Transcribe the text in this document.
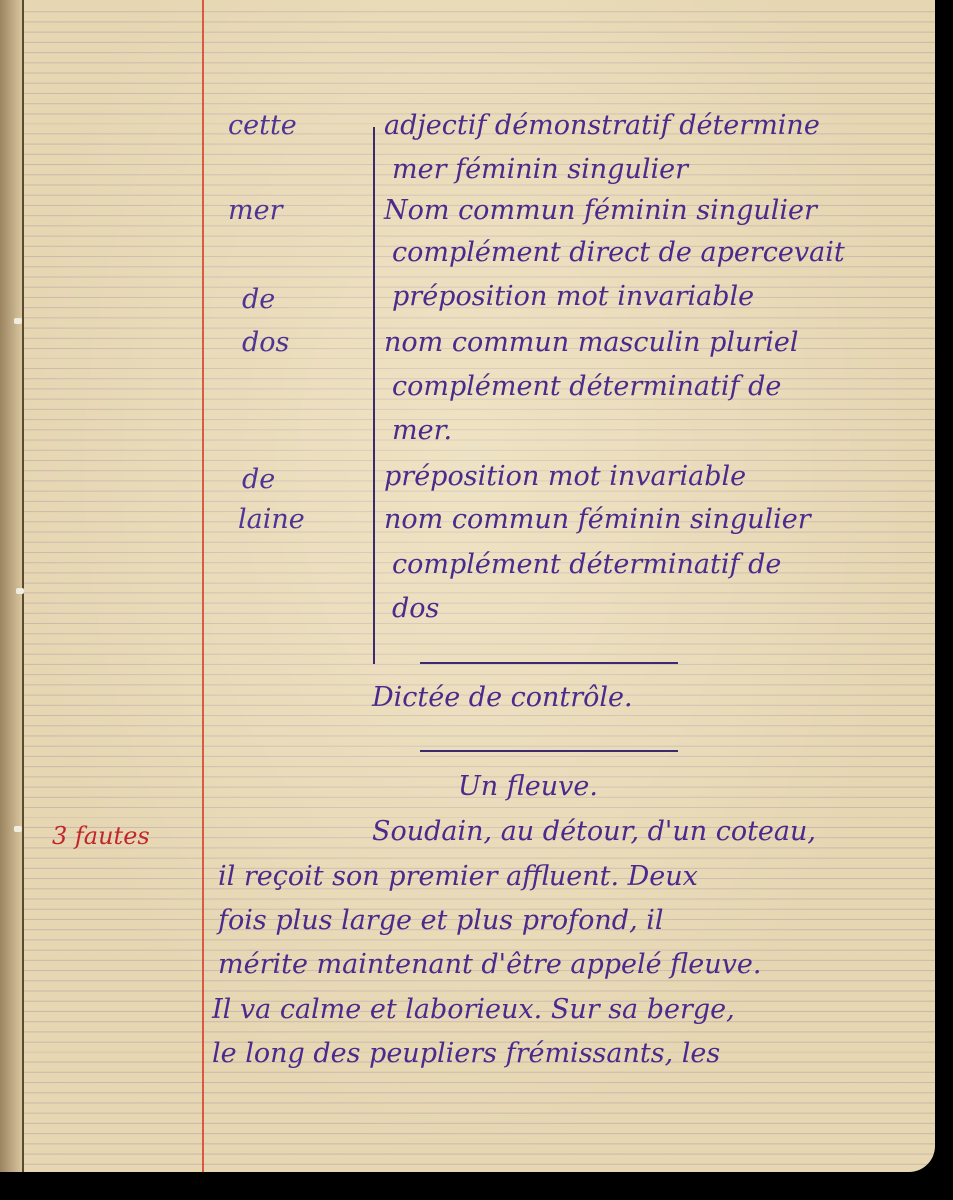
cette

mer

de

dos

de

laine

adjectif démonstratif détermine

mer féminin singulier

Nom commun féminin singulier

complément direct de apercevait

préposition mot invariable

nom commun masculin pluriel

complément déterminatif de

mer.

préposition mot invariable

nom commun féminin singulier

complément déterminatif de

dos

Dictée de contrôle.

Un fleuve.

3 fautes	Soudain, au détour, d'un coteau,

il reçoit son premier affluent. Deux

fois plus large et plus profond, il

mérite maintenant d'être appelé fleuve.

Il va calme et laborieux. Sur sa berge,

le long des peupliers frémissants, les
